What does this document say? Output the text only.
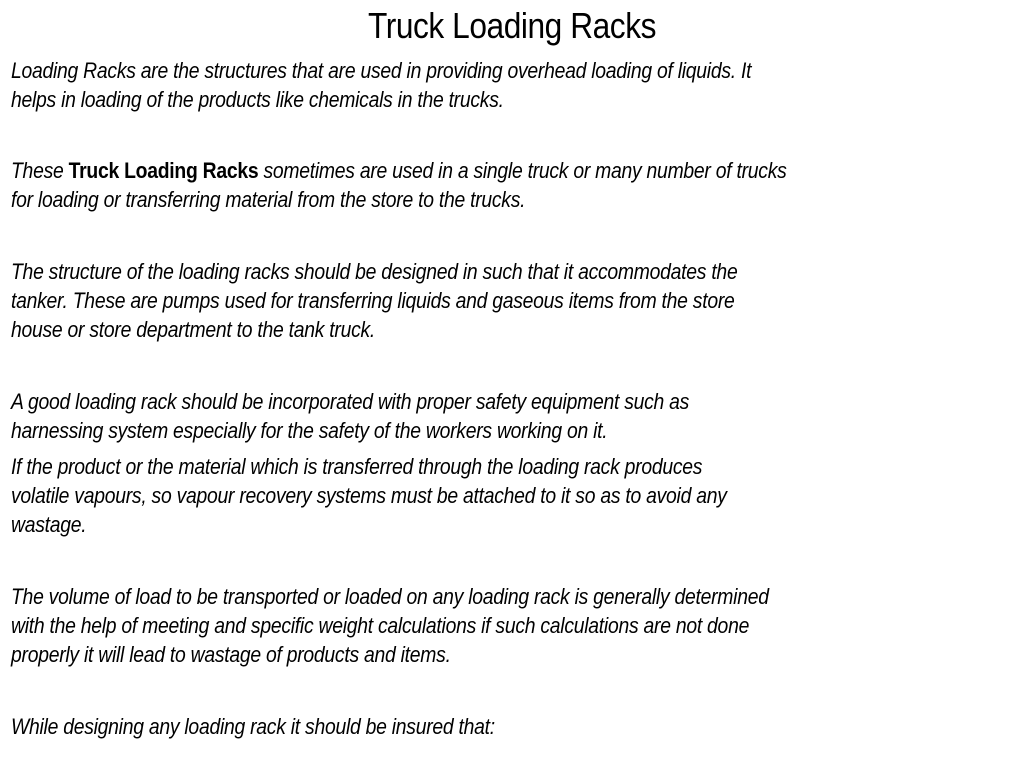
Truck Loading Racks
Loading Racks are the structures that are used in providing overhead loading of liquids. It
helps in loading of the products like chemicals in the trucks.
These Truck Loading Racks sometimes are used in a single truck or many number of trucks
for loading or transferring material from the store to the trucks.
The structure of the loading racks should be designed in such that it accommodates the
tanker. These are pumps used for transferring liquids and gaseous items from the store
house or store department to the tank truck.
A good loading rack should be incorporated with proper safety equipment such as
harnessing system especially for the safety of the workers working on it.
If the product or the material which is transferred through the loading rack produces
volatile vapours, so vapour recovery systems must be attached to it so as to avoid any
wastage.
The volume of load to be transported or loaded on any loading rack is generally determined
with the help of meeting and specific weight calculations if such calculations are not done
properly it will lead to wastage of products and items.
While designing any loading rack it should be insured that:
